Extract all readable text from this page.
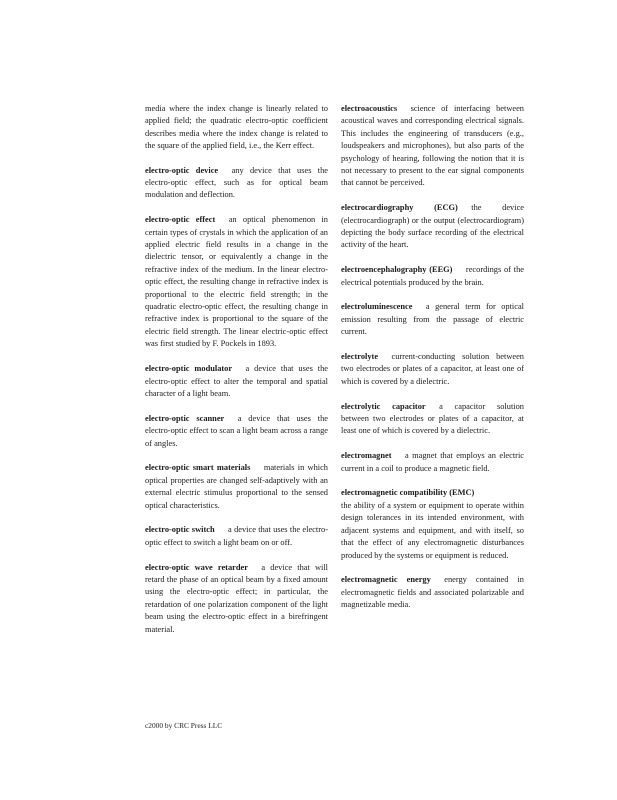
media where the index change is linearly related to applied field; the quadratic electro-optic coefficient describes media where the index change is related to the square of the applied field, i.e., the Kerr effect.

electro-optic device any device that uses the electro-optic effect, such as for optical beam modulation and deflection.
electro-optic effect an optical phenomenon in certain types of crystals in which the application of an applied electric field results in a change in the dielectric tensor, or equivalently a change in the refractive index of the medium. In the linear electro-optic effect, the resulting change in refractive index is proportional to the electric field strength; in the quadratic electro-optic effect, the resulting change in refractive index is proportional to the square of the electric field strength. The linear electric-optic effect was first studied by F. Pockels in 1893.
electro-optic modulator a device that uses the electro-optic effect to alter the temporal and spatial character of a light beam.
electro-optic scanner a device that uses the electro-optic effect to scan a light beam across a range of angles.
electro-optic smart materials materials in which optical properties are changed self-adaptively with an external electric stimulus proportional to the sensed optical characteristics.
electro-optic switch a device that uses the electro-optic effect to switch a light beam on or off.
electro-optic wave retarder a device that will retard the phase of an optical beam by a fixed amount using the electro-optic effect; in particular, the retardation of one polarization component of the light beam using the electro-optic effect in a birefringent material.
electroacoustics science of interfacing between acoustical waves and corresponding electrical signals. This includes the engineering of transducers (e.g., loudspeakers and microphones), but also parts of the psychology of hearing, following the notion that it is not necessary to present to the ear signal components that cannot be perceived.
electrocardiography (ECG) the device (electrocardiograph) or the output (electrocardiogram) depicting the body surface recording of the electrical activity of the heart.
electroencephalography (EEG) recordings of the electrical potentials produced by the brain.
electroluminescence a general term for optical emission resulting from the passage of electric current.
electrolyte current-conducting solution between two electrodes or plates of a capacitor, at least one of which is covered by a dielectric.
electrolytic capacitor a capacitor solution between two electrodes or plates of a capacitor, at least one of which is covered by a dielectric.
electromagnet a magnet that employs an electric current in a coil to produce a magnetic field.
electromagnetic compatibility (EMC)
the ability of a system or equipment to operate within design tolerances in its intended environment, with adjacent systems and equipment, and with itself, so that the effect of any electromagnetic disturbances produced by the systems or equipment is reduced.
electromagnetic energy energy contained in electromagnetic fields and associated polarizable and magnetizable media.
c2000 by CRC Press LLC
